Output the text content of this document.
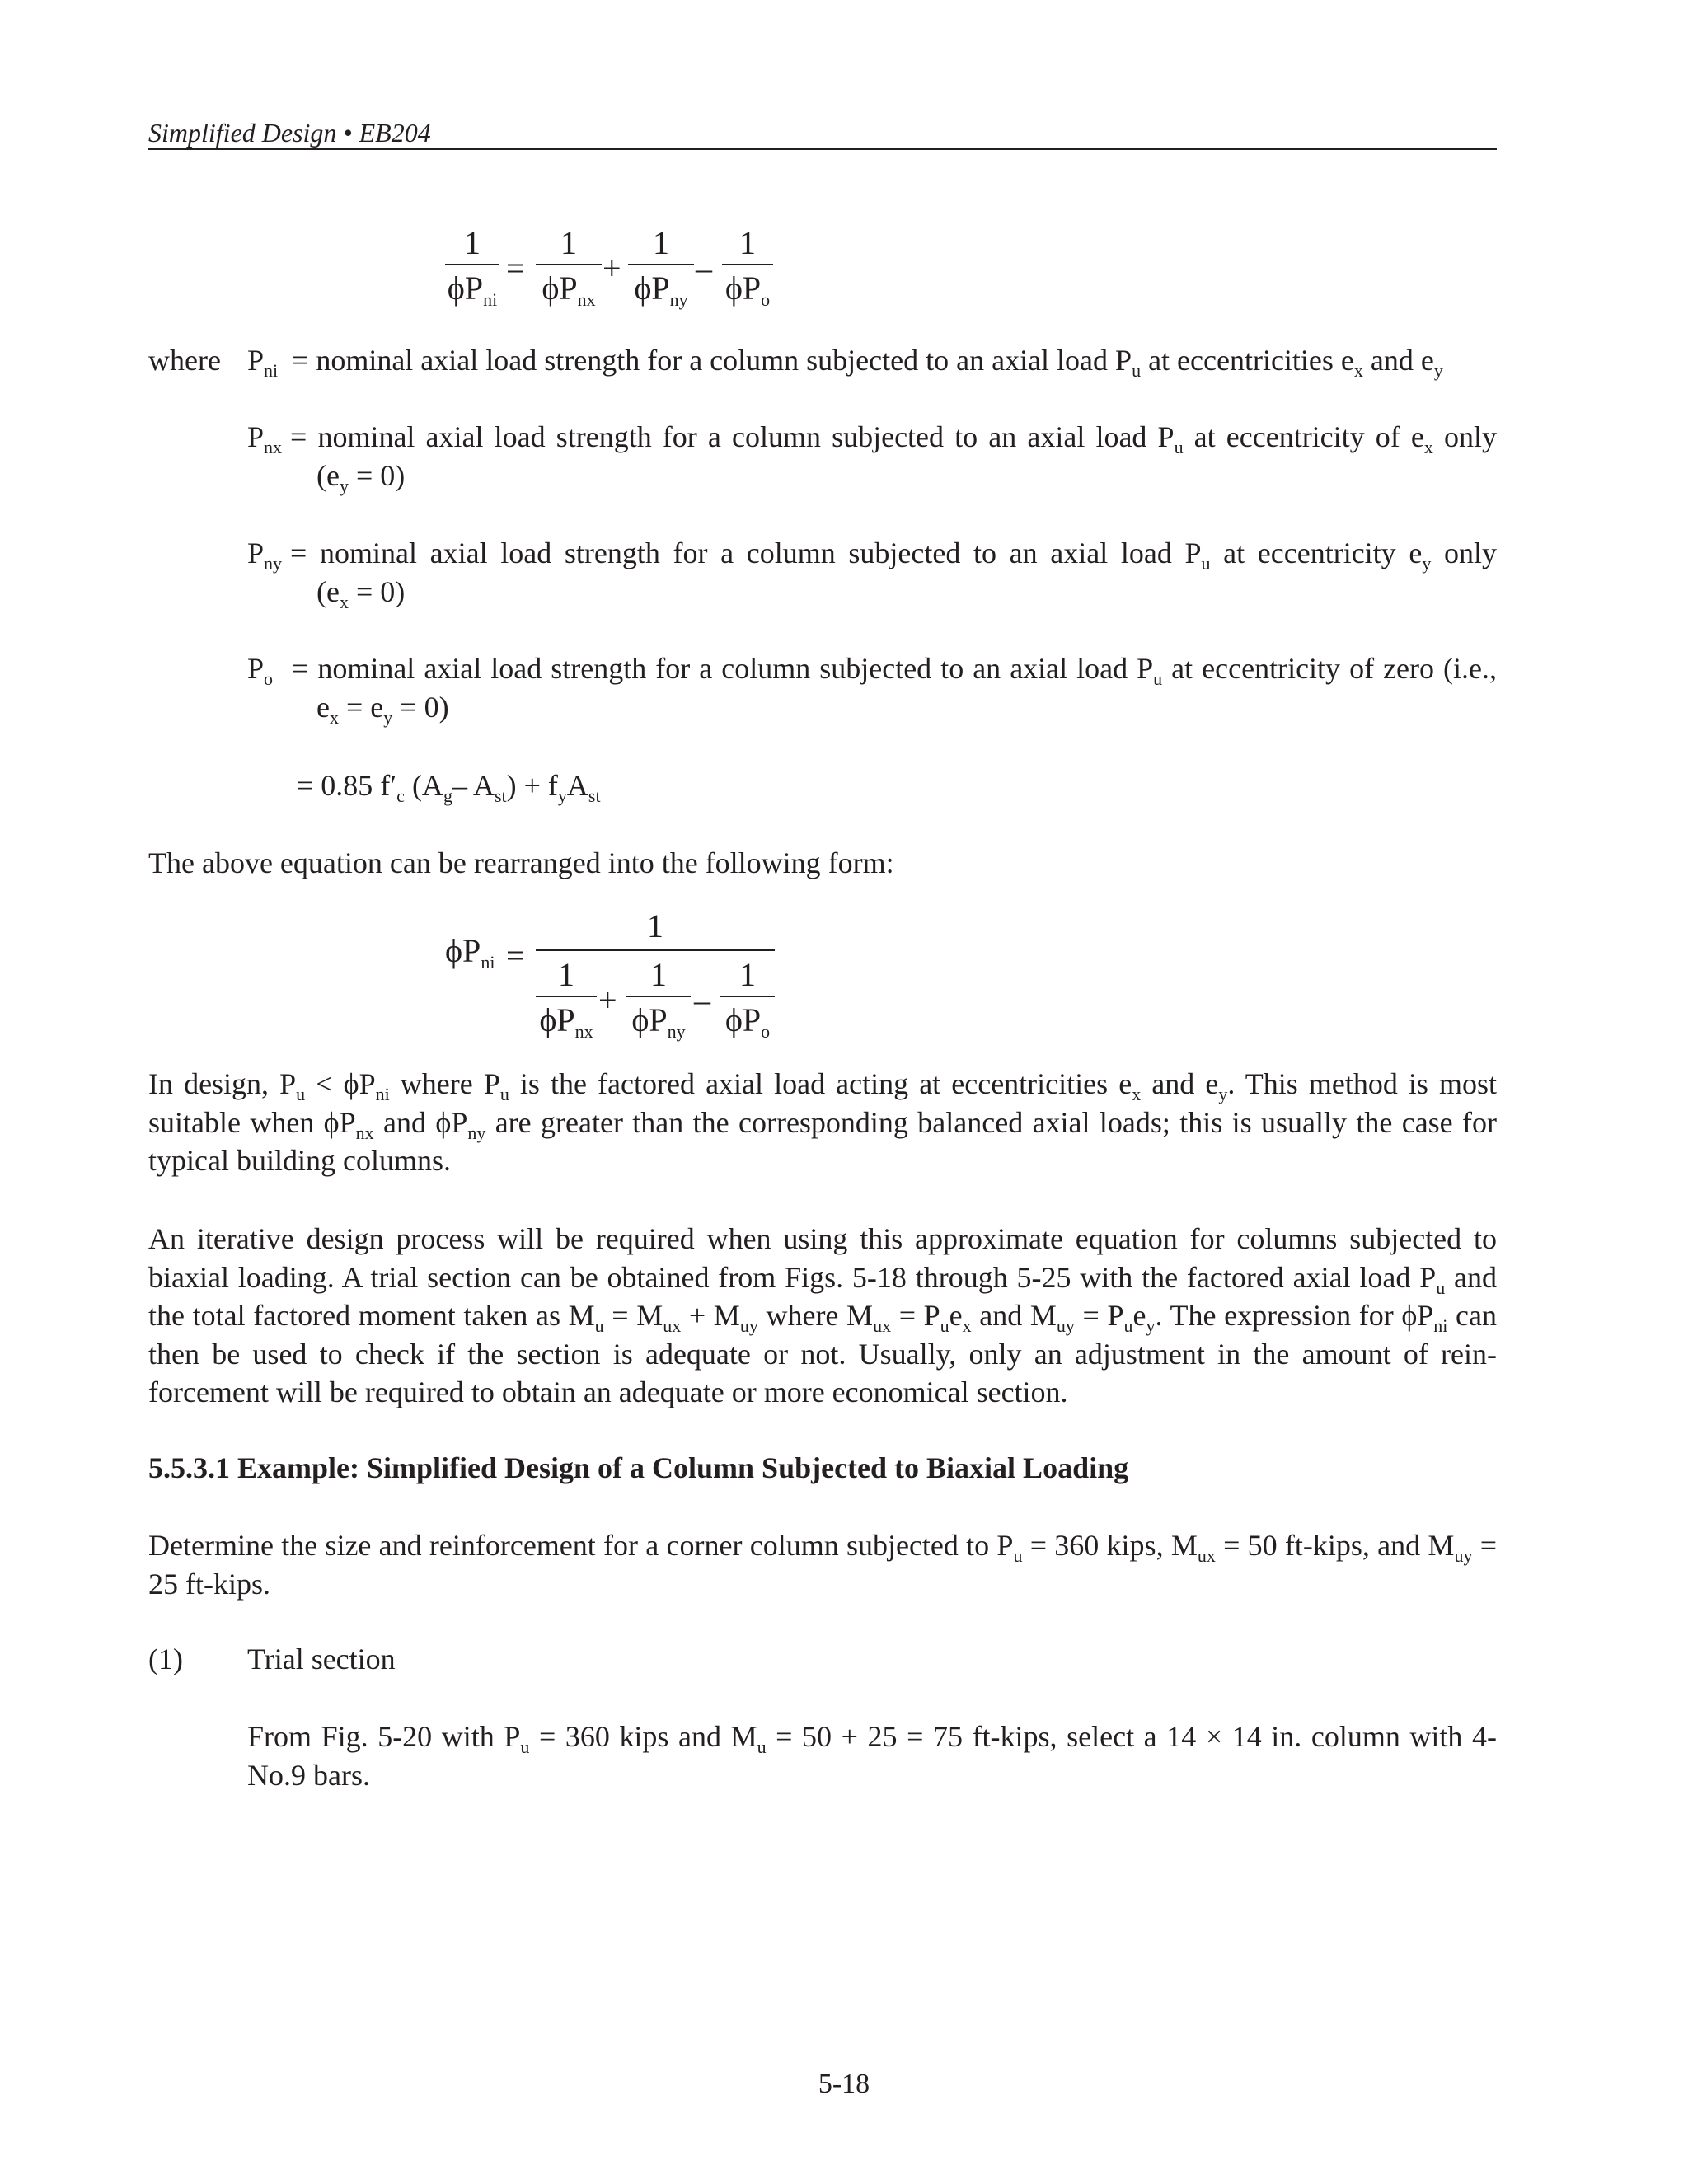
Simplified Design • EB204
1
$\phi P_{ni}$
=
1
$\phi P_{nx}$
+
1
$\phi P_{ny}$
–
1
$\phi P_o$
where $P_{ni}$ = nominal axial load strength for a column subjected to an axial load $P_u$ at eccentricities $e_x$ and $e_y$
$P_{nx}$ = nominal axial load strength for a column subjected to an axial load $P_u$ at eccentricity of $e_x$ only
$(e_y = 0)$
$P_{ny}$ = nominal axial load strength for a column subjected to an axial load $P_u$ at eccentricity $e_y$ only
$(e_x = 0)$
$P_o$ = nominal axial load strength for a column subjected to an axial load $P_u$ at eccentricity of zero (i.e.,
$e_x = e_y = 0$)
= 0.85 $f'_c$ ($A_g-$ $A_{st}) + f_yA_{st}$
The above equation can be rearranged into the following form:
$\phi P_{ni}$ =
1
1
$\phi P_{nx}$
+
1
$\phi P_{ny}$
–
1
$\phi P_o$
In design, $P_u < \phi P_{ni}$ where $P_u$ is the factored axial load acting at eccentricities $e_x$ and $e_y$. This method is most suitable when $\phi P_{nx}$ and $\phi P_{ny}$ are greater than the corresponding balanced axial loads; this is usually the case for typical building columns.
An iterative design process will be required when using this approximate equation for columns subjected to biaxial loading. A trial section can be obtained from Figs. 5-18 through 5-25 with the factored axial load $P_u$ and the total factored moment taken as $M_u = M_{ux} + M_{uy}$ where $M_{ux} = P_ue_x$ and $M_{uy} = P_ue_y$. The expression for $\phi P_{ni}$ can then be used to check if the section is adequate or not. Usually, only an adjustment in the amount of rein- forcement will be required to obtain an adequate or more economical section.
5.5.3.1 Example: Simplified Design of a Column Subjected to Biaxial Loading
Determine the size and reinforcement for a corner column subjected to $P_u = 360$ kips, $M_{ux} = 50$ ft-kips, and $M_{uy} = 25$ ft-kips.
(1) Trial section
From Fig. 5-20 with $P_u = 360$ kips and $M_u = 50 + 25 = 75$ ft-kips, select a 14 × 14 in. column with 4- No.9 bars.
5-18
